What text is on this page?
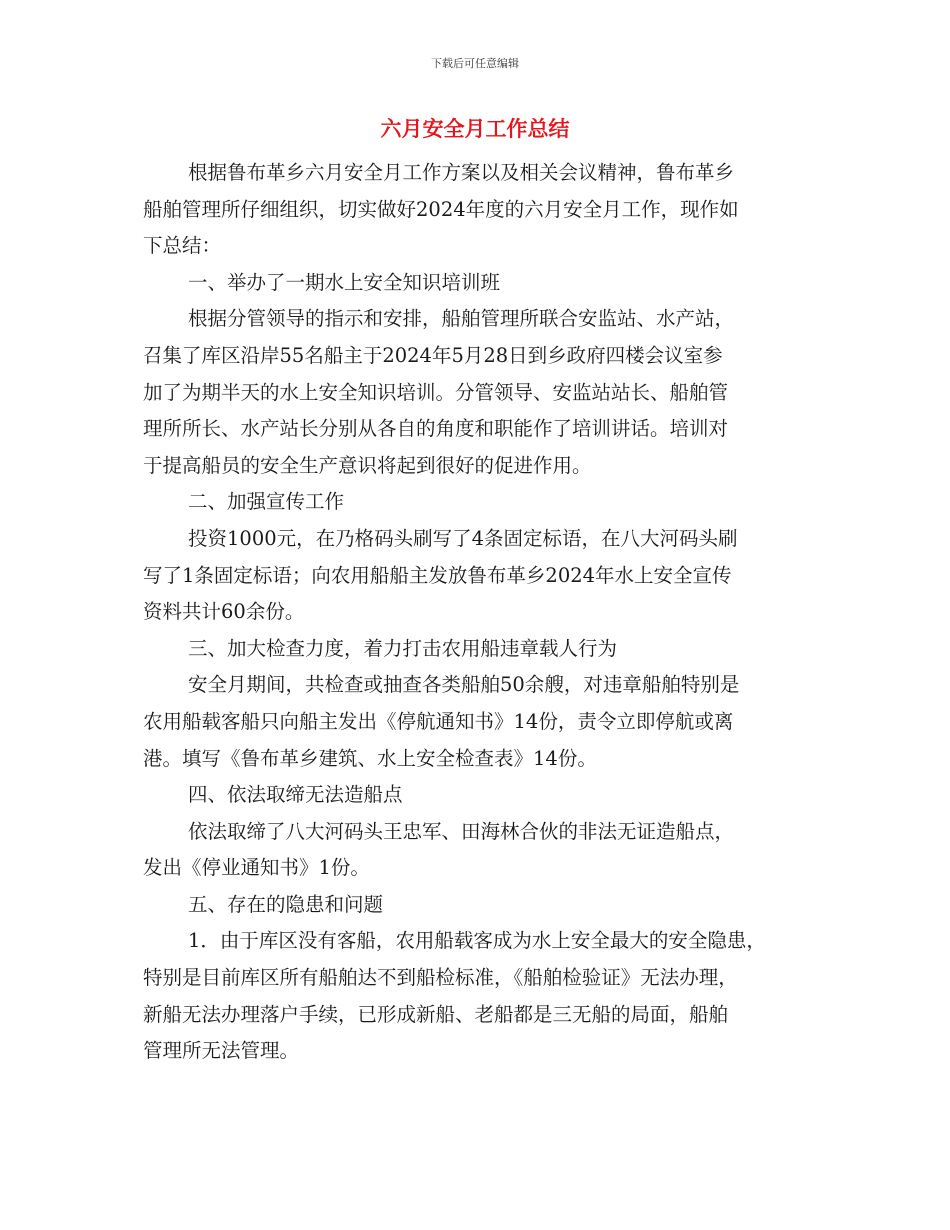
下载后可任意编辑
六月安全月工作总结

根据鲁布革乡六月安全月工作方案以及相关会议精神，鲁布革乡
船舶管理所仔细组织，切实做好2024年度的六月安全月工作，现作如
下总结：

一、举办了一期水上安全知识培训班

根据分管领导的指示和安排，船舶管理所联合安监站、水产站，
召集了库区沿岸55名船主于2024年5月28日到乡政府四楼会议室参
加了为期半天的水上安全知识培训。分管领导、安监站站长、船舶管
理所所长、水产站长分别从各自的角度和职能作了培训讲话。培训对
于提高船员的安全生产意识将起到很好的促进作用。

二、加强宣传工作

投资1000元，在乃格码头刷写了4条固定标语，在八大河码头刷
写了1条固定标语；向农用船船主发放鲁布革乡2024年水上安全宣传
资料共计60余份。

三、加大检查力度，着力打击农用船违章载人行为

安全月期间，共检查或抽查各类船舶50余艘，对违章船舶特别是
农用船载客船只向船主发出《停航通知书》14份，责令立即停航或离
港。填写《鲁布革乡建筑、水上安全检查表》14份。

四、依法取缔无法造船点

依法取缔了八大河码头王忠军、田海林合伙的非法无证造船点，
发出《停业通知书》1份。

五、存在的隐患和问题

1．由于库区没有客船，农用船载客成为水上安全最大的安全隐患，
特别是目前库区所有船舶达不到船检标准，《船舶检验证》无法办理，
新船无法办理落户手续，已形成新船、老船都是三无船的局面，船舶
管理所无法管理。
